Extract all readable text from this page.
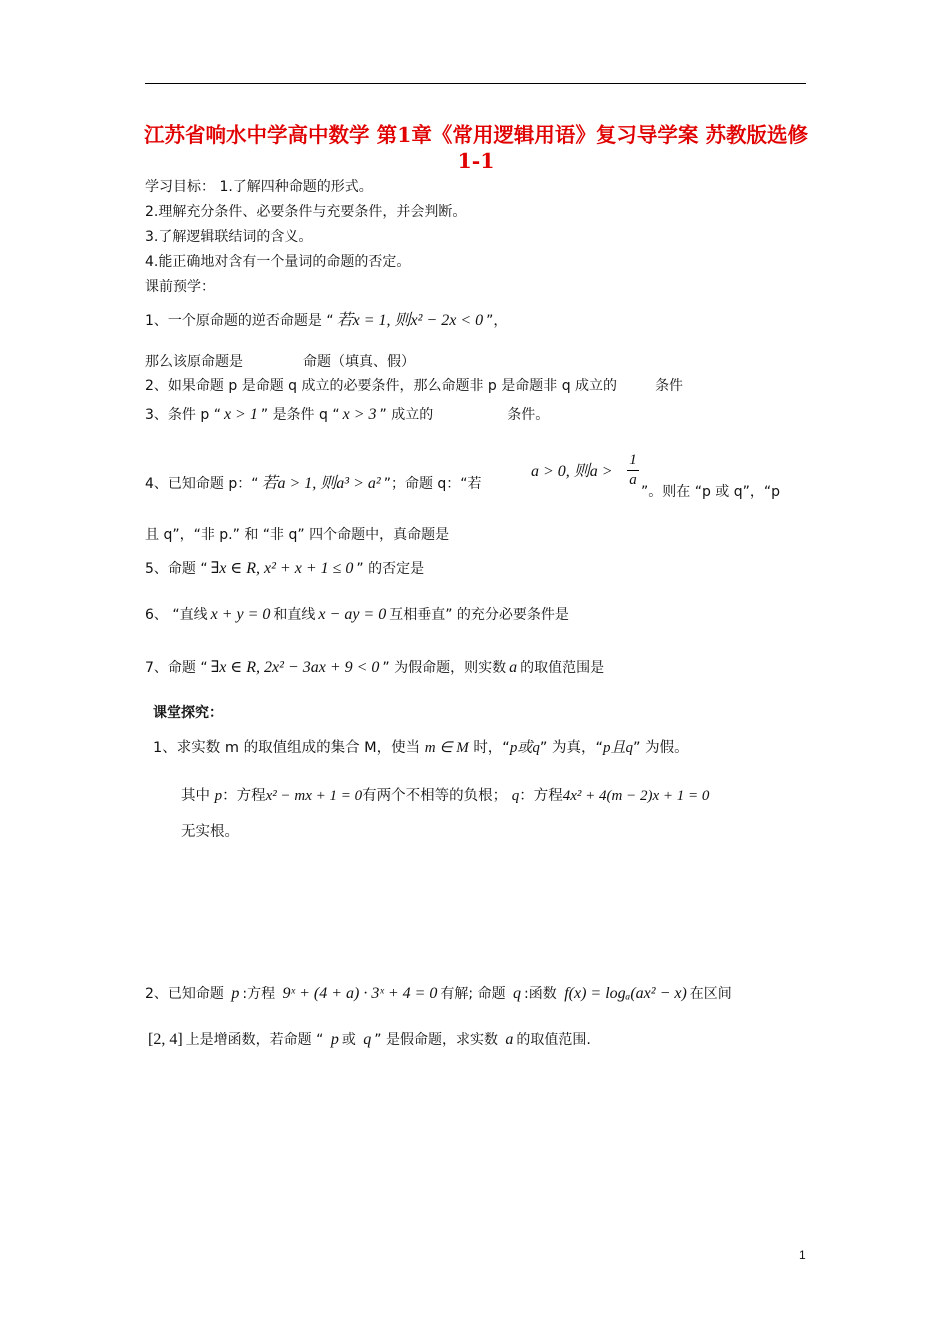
江苏省响水中学高中数学 第1章《常用逻辑用语》复习导学案 苏教版选修1-1
学习目标： 1.了解四种命题的形式。
2.理解充分条件、必要条件与充要条件，并会判断。
3.了解逻辑联结词的含义。
4.能正确地对含有一个量词的命题的否定。
课前预学：
1、一个原命题的逆否命题是 “ 若x = 1, 则x² − 2x < 0 ”，
那么该原命题是	命题（填真、假）
2、如果命题 p 是命题 q 成立的必要条件，那么命题非 p 是命题非 q 成立的	条件
3、条件 p “ x > 1 ” 是条件 q “ x > 3 ” 成立的	条件。
4、已知命题 p：“ 若a > 1, 则a³ > a² ”；命题 q：“若
a > 0, 则a >
1
a
”。则在 “p 或 q”，“p
且 q”，“非 p.” 和 “非 q” 四个命题中，真命题是
5、命题 “ ∃x ∈ R, x² + x + 1 ≤ 0 ” 的否定是
6、 “直线 x + y = 0 和直线 x − ay = 0 互相垂直” 的充分必要条件是
7、命题 “ ∃x ∈ R, 2x² − 3ax + 9 < 0 ” 为假命题，则实数 a 的取值范围是
课堂探究：
1、求实数 m 的取值组成的集合 M，使当 m ∈ M 时，“p或q” 为真，“p且q” 为假。
其中 p：方程x² − mx + 1 = 0有两个不相等的负根； q：方程4x² + 4(m − 2)x + 1 = 0
无实根。
2、已知命题 p :方程 9ˣ + (4 + a) · 3ˣ + 4 = 0 有解; 命题 q :函数 f(x) = logₐ(ax² − x) 在区间
[2, 4] 上是增函数，若命题 “ p 或 q ” 是假命题，求实数 a 的取值范围.
1
